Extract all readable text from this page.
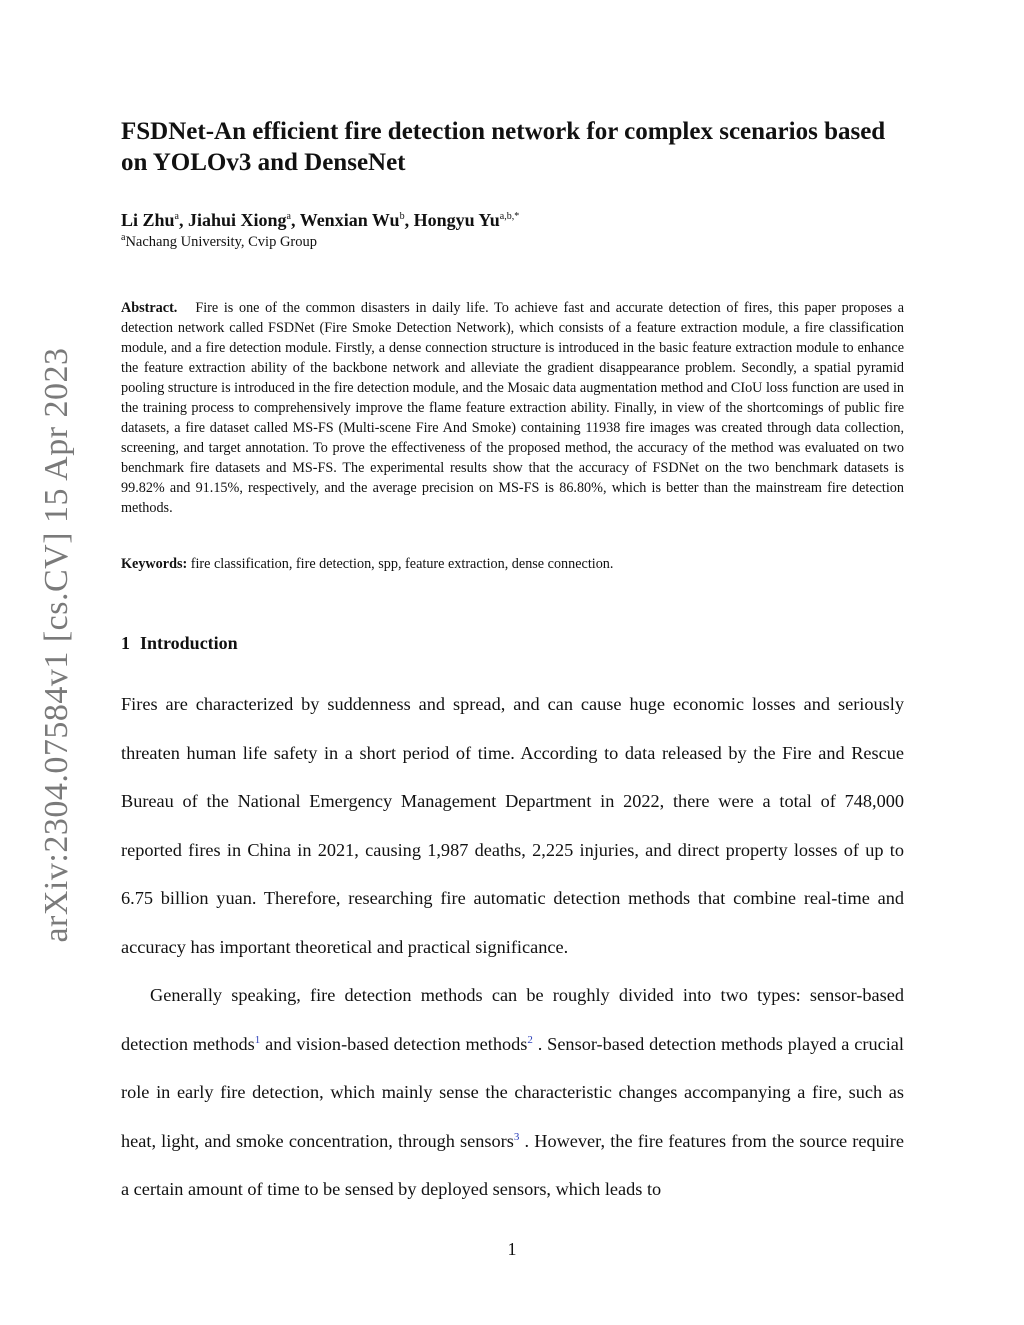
arXiv:2304.07584v1 [cs.CV] 15 Apr 2023
FSDNet-An efficient fire detection network for complex scenarios based on YOLOv3 and DenseNet
Li Zhu$^a$, Jiahui Xiong$^a$, Wenxian Wu$^b$, Hongyu $Yu^{a,b,*}$
$^a$Nachang University, Cvip Group

Abstract. Fire is one of the common disasters in daily life. To achieve fast and accurate detection of fires, this paper proposes a detection network called FSDNet (Fire Smoke Detection Network), which consists of a feature extraction module, a fire classification module, and a fire detection module. Firstly, a dense connection structure is introduced in the basic feature extraction module to enhance the feature extraction ability of the backbone network and alleviate the gradient disappearance problem. Secondly, a spatial pyramid pooling structure is introduced in the fire detection module, and the Mosaic data augmentation method and CIoU loss function are used in the training process to comprehensively improve the flame feature extraction ability. Finally, in view of the shortcomings of public fire datasets, a fire dataset called MS-FS (Multi-scene Fire And Smoke) containing 11938 fire images was created through data collection, screening, and target annotation. To prove the effectiveness of the proposed method, the accuracy of the method was evaluated on two benchmark fire datasets and MS-FS. The experimental results show that the accuracy of FSDNet on the two benchmark datasets is 99.82% and 91.15%, respectively, and the average precision on MS-FS is 86.80%, which is better than the mainstream fire detection methods.

Keywords: fire classification, fire detection, spp, feature extraction, dense connection.

1 Introduction

Fires are characterized by suddenness and spread, and can cause huge economic losses and seriously threaten human life safety in a short period of time. According to data released by the Fire and Rescue Bureau of the National Emergency Management Department in 2022, there were a total of 748,000 reported fires in China in 2021, causing 1,987 deaths, 2,225 injuries, and direct property losses of up to 6.75 billion yuan. Therefore, researching fire automatic detection methods that combine real-time and accuracy has important theoretical and practical significance.

Generally speaking, fire detection methods can be roughly divided into two types: sensor-based detection methods$^1$ and vision-based detection methods$^2$ . Sensor-based detection methods played a crucial role in early fire detection, which mainly sense the characteristic changes accompanying a fire, such as heat, light, and smoke concentration, through sensors$^3$ . However, the fire features from the source require a certain amount of time to be sensed by deployed sensors, which leads to

1
